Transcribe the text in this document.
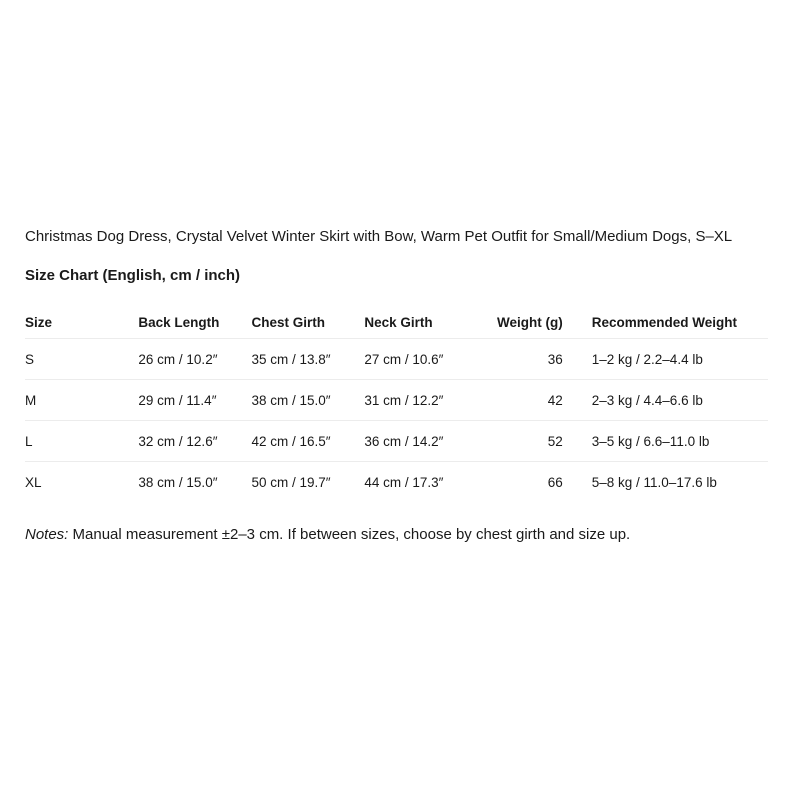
Christmas Dog Dress, Crystal Velvet Winter Skirt with Bow, Warm Pet Outfit for Small/Medium Dogs, S–XL

Size Chart (English, cm / inch)
Size	Back Length	Chest Girth	Neck Girth	Weight (g)	Recommended Weight
S	26 cm / 10.2″	35 cm / 13.8″	27 cm / 10.6″	36	1–2 kg / 2.2–4.4 lb
M	29 cm / 11.4″	38 cm / 15.0″	31 cm / 12.2″	42	2–3 kg / 4.4–6.6 lb
L	32 cm / 12.6″	42 cm / 16.5″	36 cm / 14.2″	52	3–5 kg / 6.6–11.0 lb
XL	38 cm / 15.0″	50 cm / 19.7″	44 cm / 17.3″	66	5–8 kg / 11.0–17.6 lb
Notes: Manual measurement ±2–3 cm. If between sizes, choose by chest girth and size up.
